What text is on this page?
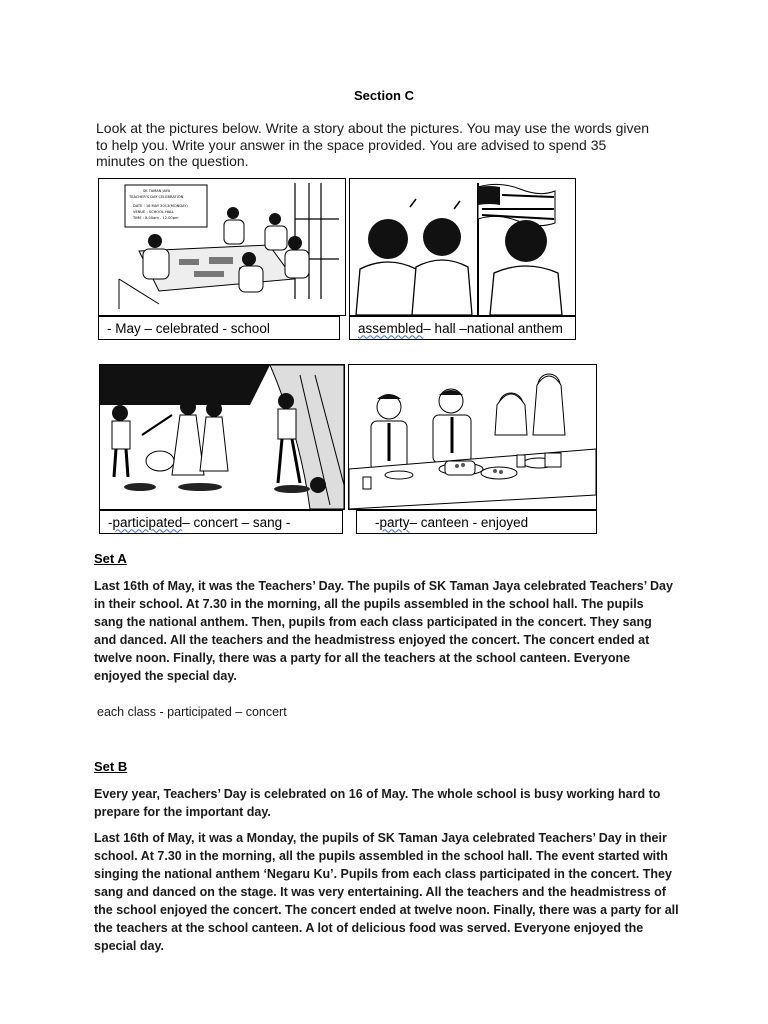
Section C
Look at the pictures below. Write a story about the pictures. You may use the words given to help you. Write your answer in the space provided. You are advised to spend 35 minutes on the question.
SK TAMAN JAYA
TEACHER'S DAY CELEBRATION
DATE : 16 MAY 2013(MONDAY)
VENUE : SCHOOL HALL
TIME : 8.00am - 12.00pm
- May – celebrated - school	assembled – hall –national anthem
- participated – concert – sang -	- party – canteen - enjoyed
Set A
Last 16th of May, it was the Teachers’ Day. The pupils of SK Taman Jaya celebrated Teachers’ Day in their school. At 7.30 in the morning, all the pupils assembled in the school hall. The pupils sang the national anthem. Then, pupils from each class participated in the concert. They sang and danced. All the teachers and the headmistress enjoyed the concert. The concert ended at twelve noon. Finally, there was a party for all the teachers at the school canteen. Everyone enjoyed the special day.
each class - participated – concert
Set B
Every year, Teachers’ Day is celebrated on 16 of May. The whole school is busy working hard to prepare for the important day.
Last 16th of May, it was a Monday, the pupils of SK Taman Jaya celebrated Teachers’ Day in their school. At 7.30 in the morning, all the pupils assembled in the school hall. The event started with singing the national anthem ‘Negaru Ku’. Pupils from each class participated in the concert. They sang and danced on the stage. It was very entertaining. All the teachers and the headmistress of the school enjoyed the concert. The concert ended at twelve noon. Finally, there was a party for all the teachers at the school canteen. A lot of delicious food was served. Everyone enjoyed the special day.
